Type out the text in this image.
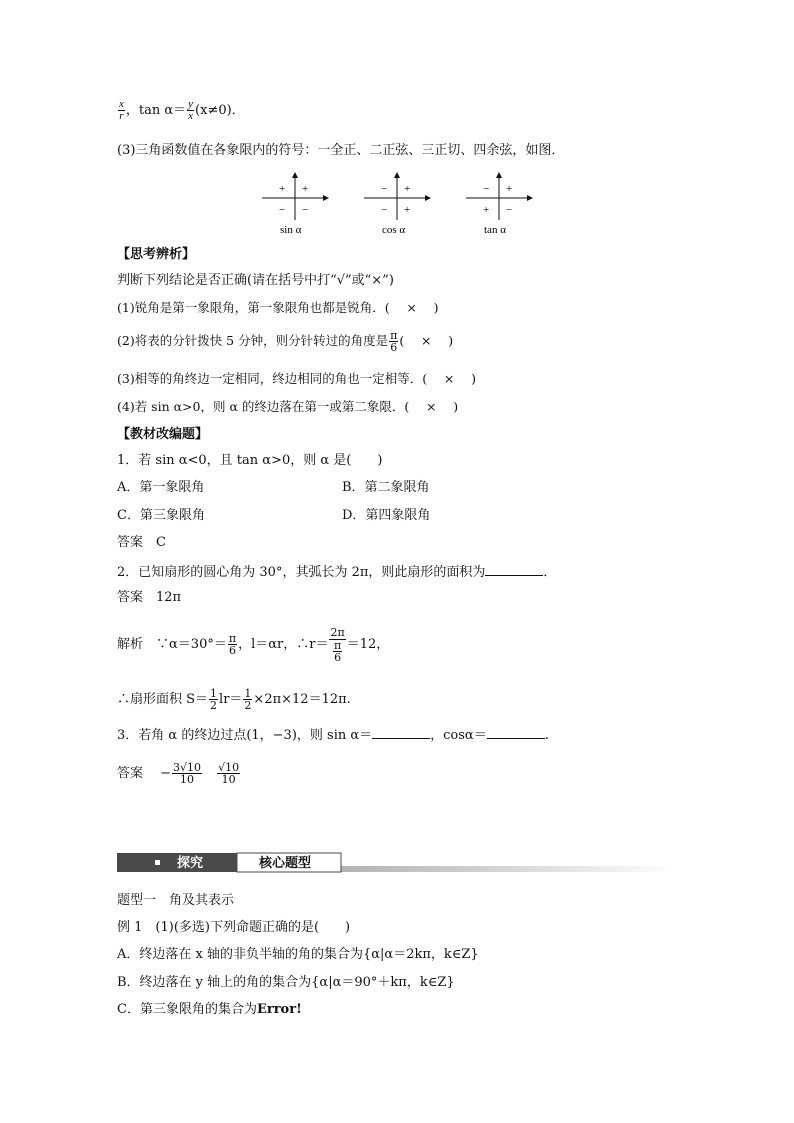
$\frac{x}{r}$ ，$\tan \alpha= \frac{y}{x} (x\ne 0)$．
(3)三角函数值在各象限内的符号：一全正、二正弦、三正切、四余弦，如图．
+ +
− −
sin α
− +
− +
cos α
− +
+ −
tan α
【思考辨析】
判断下列结论是否正确(请在括号中打“√”或“×”)
(1)锐角是第一象限角，第一象限角也都是锐角．( × )
(2)将表的分针拨快 5 分钟，则分针转过的角度是 $\frac{\pi}{6}$ ( × )
(3)相等的角终边一定相同，终边相同的角也一定相等．( × )
(4)若 sin α>0，则 α 的终边落在第一或第二象限．( × )
【教材改编题】
1．若 sin α<0，且 tan α>0，则 α 是(　　)
A．第一象限角	B．第二象限角
C．第三象限角	D．第四象限角
答案　C
2．已知扇形的圆心角为 30°，其弧长为 2π，则此扇形的面积为	．
答案　12π
解析　 ∵α＝30°＝ $\frac{\pi}{6}$ ，l＝αr，∴r＝ $\frac{2\pi}{\frac{\pi}{6}} =12$，
∴扇形面积 $S= \frac{1}{2} lr= \frac{1}{2} \times 2\pi\times 12=12\pi$.
3．若角 α 的终边过点(1，−3)，则 sin α＝	，cosα＝	.
答案　 − $\frac{3√10}{10}$
　 $\frac{√10}{10}$
探究	核心题型
题型一　角及其表示
例 1　(1)(多选)下列命题正确的是(　　)
A．终边落在 x 轴的非负半轴的角的集合为{α|α＝2kπ，k∈Z}
B．终边落在 y 轴上的角的集合为{α|α＝90°＋kπ，k∈Z}
C．第三象限角的集合为Error!
